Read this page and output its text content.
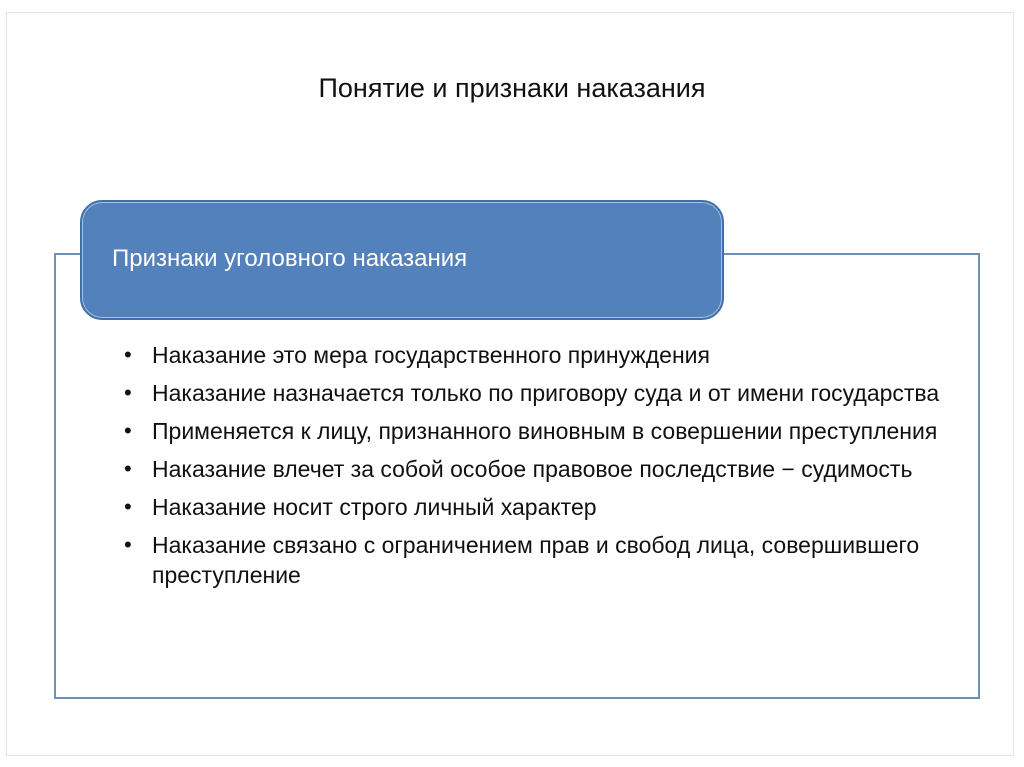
Понятие и признаки наказания
Признаки уголовного наказания
• Наказание это мера государственного принуждения
• Наказание назначается только по приговору суда и от имени государства
• Применяется к лицу, признанного виновным в совершении преступления
• Наказание влечет за собой особое правовое последствие − судимость
• Наказание носит строго личный характер
• Наказание связано с ограничением прав и свобод лица, совершившего преступление
